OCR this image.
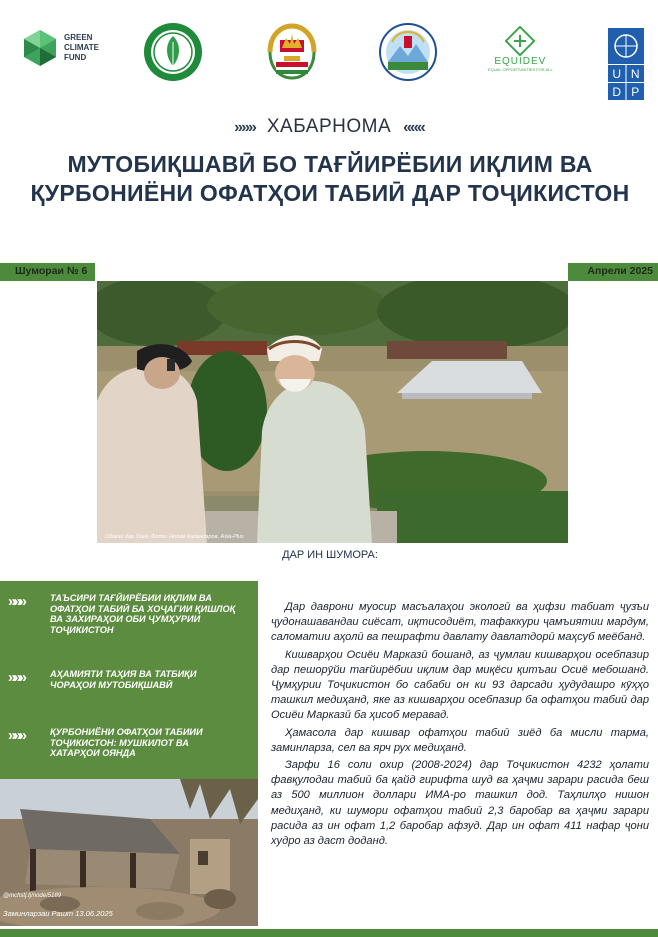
GREEN
CLIMATE
FUND	EQUIDEV
EQUAL OPPORTUNITIES FOR ALL	U N
D P
»»» ХАБАРНОМА «««
МУТОБИҚШАВӢ БО ТАҒЙИРЁБИИ ИҚЛИМ ВА ҚУРБОНИЁНИ ОФАТҲОИ ТАБИӢ ДАР ТОҶИКИСТОН
Шумораи № 6	Апрели 2025
Обхезӣ дар Ухей. Фото: Нозим Каландаров, Asia-Plus
ДАР ИН ШУМОРА:
»»»	ТАЪСИРИ ТАҒЙИРЁБИИ ИҚЛИМ ВА ОФАТҲОИ ТАБИӢ БА ХОҶАГИИ ҚИШЛОҚ ВА ЗАХИРАҲОИ ОБИ ҶУМҲУРИИ ТОҶИКИСТОН
»»»	АҲАМИЯТИ ТАҲИЯ ВА ТАТБИҚИ ЧОРАҲОИ МУТОБИҚШАВӢ
»»»	ҚУРБОНИЁНИ ОФАТҲОИ ТАБИИИ ТОҶИКИСТОН: МУШКИЛОТ ВА ХАТАРҲОИ ОЯНДА
@mchstj.tj/node/5189
Заминларзаи Рашт 13.06.2025

Дар даврони муосир масъалаҳои экологӣ ва ҳифзи табиат ҷузъи ҷудонашавандаи сиёсат, иқтисодиёт, тафаккури ҷамъиятии мардум, саломатии аҳолӣ ва пешрафти давлату давлатдорӣ маҳсуб меёбанд.

Кишварҳои Осиёи Марказӣ бошанд, аз ҷумлаи кишварҳои осебпазир дар пешорӯйи тағйирёбии иқлим дар миқёси қитъаи Осиё мебошанд. Ҷумҳурии Тоҷикистон бо сабаби он ки 93 дарсади ҳудудашро кӯҳҳо ташкил медиҳанд, яке аз кишварҳои осебпазир ба офатҳои табиӣ дар Осиёи Марказӣ ба ҳисоб меравад.

Ҳамасола дар кишвар офатҳои табиӣ зиёд ба мисли тарма, заминларза, сел ва ярч рух медиҳанд.

Зарфи 16 соли охир (2008-2024) дар Тоҷикистон 4232 ҳолати фавқулодаи табиӣ ба қайд гирифта шуд ва ҳаҷми зарари расида беш аз 500 миллион доллари ИМА-ро ташкил дод. Таҳлилҳо нишон медиҳанд, ки шумори офатҳои табиӣ 2,3 баробар ва ҳаҷми зарари расида аз ин офат 1,2 баробар афзуд. Дар ин офат 411 нафар ҷони худро аз даст доданд.
